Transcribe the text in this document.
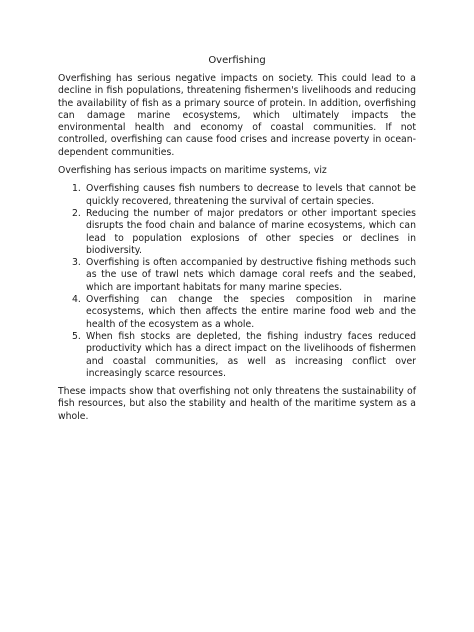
Overfishing

Overfishing has serious negative impacts on society. This could lead to a decline in fish populations, threatening fishermen's livelihoods and reducing the availability of fish as a primary source of protein. In addition, overfishing can damage marine ecosystems, which ultimately impacts the environmental health and economy of coastal communities. If not controlled, overfishing can cause food crises and increase poverty in ocean-dependent communities.

Overfishing has serious impacts on maritime systems, viz

1. Overfishing causes fish numbers to decrease to levels that cannot be quickly recovered, threatening the survival of certain species.
2. Reducing the number of major predators or other important species disrupts the food chain and balance of marine ecosystems, which can lead to population explosions of other species or declines in biodiversity.
3. Overfishing is often accompanied by destructive fishing methods such as the use of trawl nets which damage coral reefs and the seabed, which are important habitats for many marine species.
4. Overfishing can change the species composition in marine ecosystems, which then affects the entire marine food web and the health of the ecosystem as a whole.
5. When fish stocks are depleted, the fishing industry faces reduced productivity which has a direct impact on the livelihoods of fishermen and coastal communities, as well as increasing conflict over increasingly scarce resources.

These impacts show that overfishing not only threatens the sustainability of fish resources, but also the stability and health of the maritime system as a whole.
